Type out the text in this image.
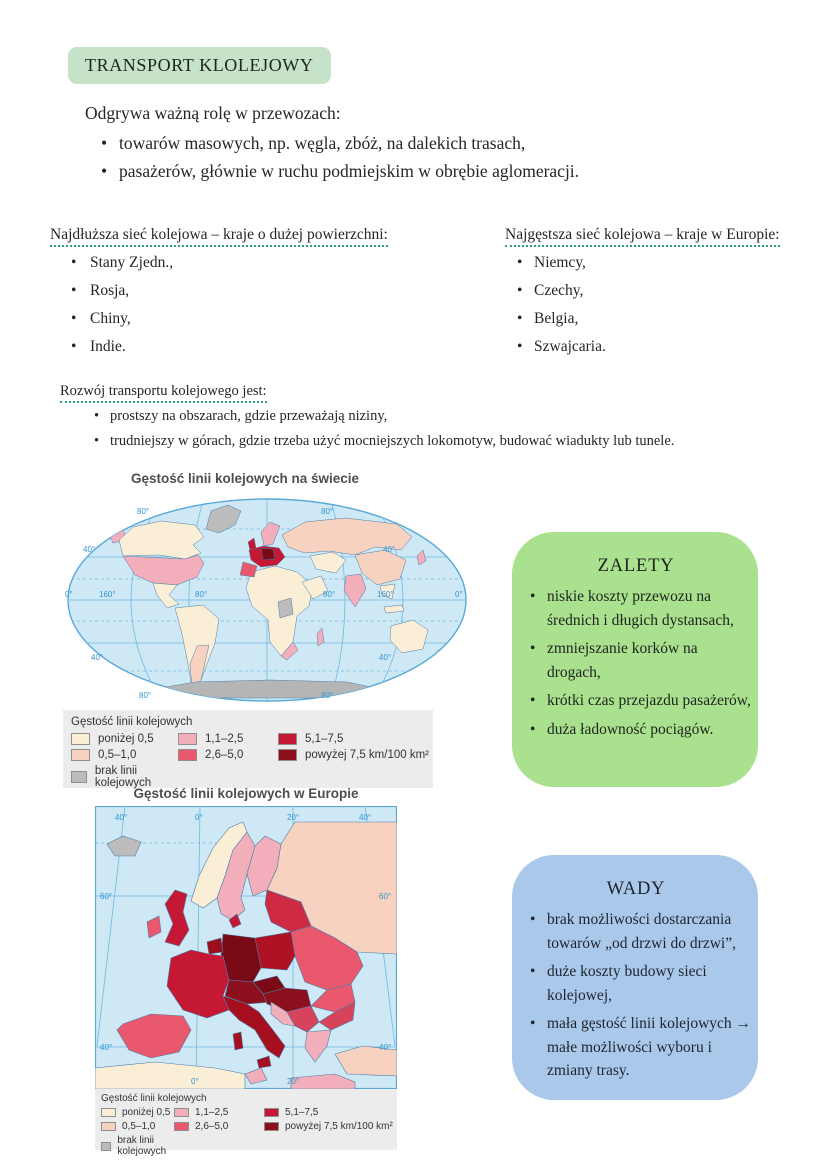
TRANSPORT KLOLEJOWY
Odgrywa ważną rolę w przewozach:
• towarów masowych, np. węgla, zbóż, na dalekich trasach,
• pasażerów, głównie w ruchu podmiejskim w obrębie aglomeracji.
Najdłuższa sieć kolejowa – kraje o dużej powierzchni:
• Stany Zjedn.,
• Rosja,
• Chiny,
• Indie.
Najgęstsza sieć kolejowa – kraje w Europie:
• Niemcy,
• Czechy,
• Belgia,
• Szwajcaria.
Rozwój transportu kolejowego jest:
• prostszy na obszarach, gdzie przeważają niziny,
• trudniejszy w górach, gdzie trzeba użyć mocniejszych lokomotyw, budować wiadukty lub tunele.
Gęstość linii kolejowych na świecie
80°	80°
40°	40°
0°	160°	80°	80°	160°	0°
40°	40°
80°	80°
Gęstość linii kolejowych
poniżej 0,5	1,1–2,5	5,1–7,5
0,5–1,0	2,6–5,0	powyżej 7,5 km/100 km²
brak linii kolejowych
ZALETY
• niskie koszty przewozu na średnich i długich dystansach,
• zmniejszanie korków na drogach,
• krótki czas przejazdu pasażerów,
• duża ładowność pociągów.
Gęstość linii kolejowych w Europie
40°	0°	20°	40°
60°	60°
40°	40°
0°	20°
Gęstość linii kolejowych
poniżej 0,5 1,1–2,5	5,1–7,5
0,5–1,0	2,6–5,0	powyżej 7,5 km/100 km²
brak linii kolejowych
WADY
• brak możliwości dostarczania towarów „od drzwi do drzwi”,
• duże koszty budowy sieci kolejowej,
• mała gęstość linii kolejowych → małe możliwości wyboru i zmiany trasy.
